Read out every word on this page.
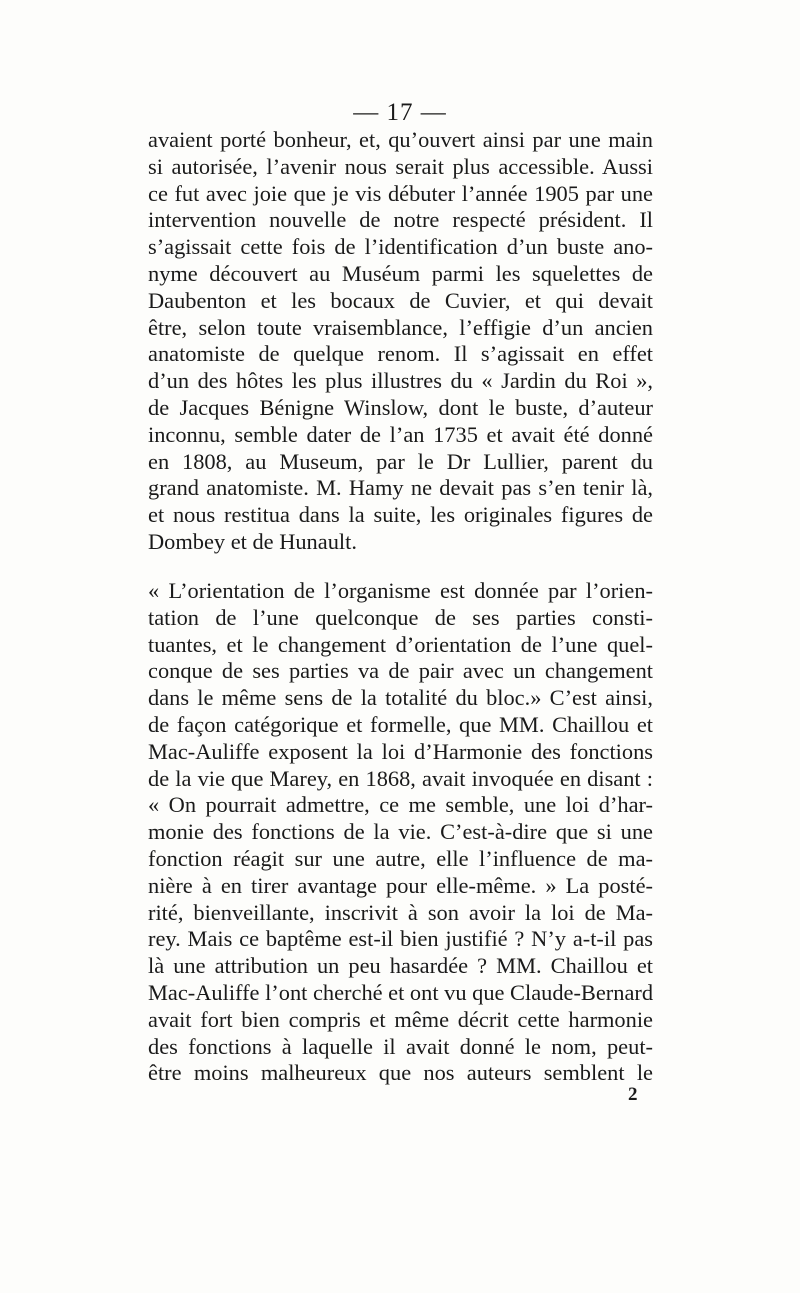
— 17 —
avaient porté bonheur, et, qu’ouvert ainsi par une main
si autorisée, l’avenir nous serait plus accessible. Aussi
ce fut avec joie que je vis débuter l’année 1905 par une
intervention nouvelle de notre respecté président. Il
s’agissait cette fois de l’identification d’un buste ano-
nyme découvert au Muséum parmi les squelettes de
Daubenton et les bocaux de Cuvier, et qui devait
être, selon toute vraisemblance, l’effigie d’un ancien
anatomiste de quelque renom. Il s’agissait en effet
d’un des hôtes les plus illustres du « Jardin du Roi »,
de Jacques Bénigne Winslow, dont le buste, d’auteur
inconnu, semble dater de l’an 1735 et avait été donné
en 1808, au Museum, par le Dr Lullier, parent du
grand anatomiste. M. Hamy ne devait pas s’en tenir là,
et nous restitua dans la suite, les originales figures de
Dombey et de Hunault.
« L’orientation de l’organisme est donnée par l’orien-
tation de l’une quelconque de ses parties consti-
tuantes, et le changement d’orientation de l’une quel-
conque de ses parties va de pair avec un changement
dans le même sens de la totalité du bloc.» C’est ainsi,
de façon catégorique et formelle, que MM. Chaillou et
Mac-Auliffe exposent la loi d’Harmonie des fonctions
de la vie que Marey, en 1868, avait invoquée en disant :
« On pourrait admettre, ce me semble, une loi d’har-
monie des fonctions de la vie. C’est-à-dire que si une
fonction réagit sur une autre, elle l’influence de ma-
nière à en tirer avantage pour elle-même. » La posté-
rité, bienveillante, inscrivit à son avoir la loi de Ma-
rey. Mais ce baptême est-il bien justifié ? N’y a-t-il pas
là une attribution un peu hasardée ? MM. Chaillou et
Mac-Auliffe l’ont cherché et ont vu que Claude-Bernard
avait fort bien compris et même décrit cette harmonie
des fonctions à laquelle il avait donné le nom, peut-
être moins malheureux que nos auteurs semblent le
2
